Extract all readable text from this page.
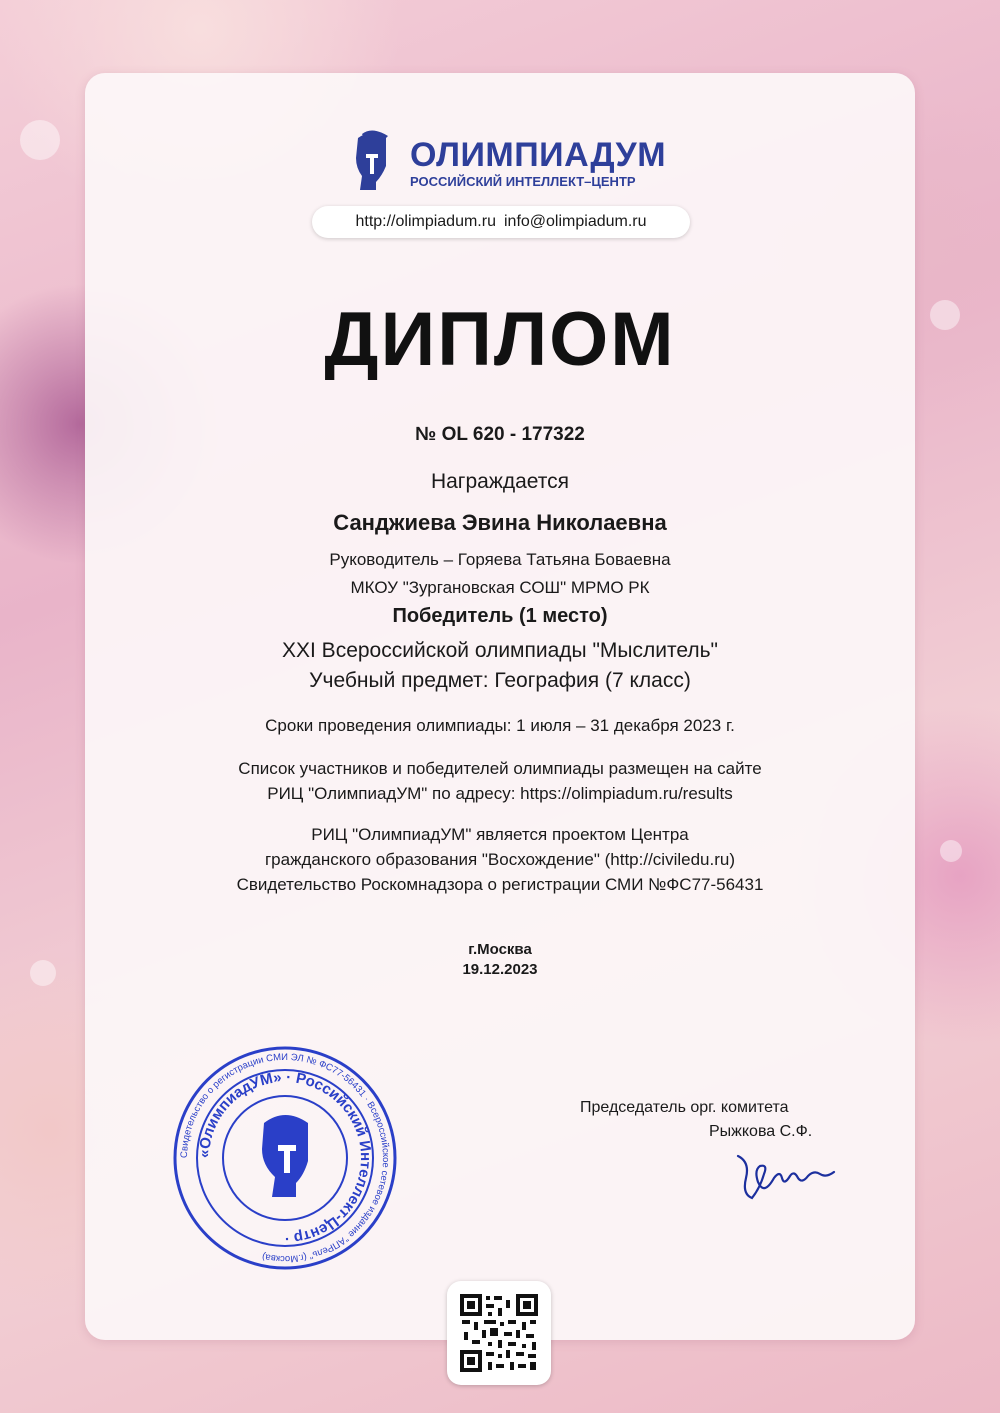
ОЛИМПИАДУМ
РОССИЙСКИЙ ИНТЕЛЛЕКТ–ЦЕНТР
http://olimpiadum.ru info@olimpiadum.ru
ДИПЛОМ
№ OL 620 - 177322
Награждается
Санджиева Эвина Николаевна
Руководитель – Горяева Татьяна Боваевна
МКОУ "Зургановская СОШ" МРМО РК
Победитель (1 место)
XXI Всероссийской олимпиады "Мыслитель"
Учебный предмет: География (7 класс)
Сроки проведения олимпиады: 1 июля – 31 декабря 2023 г.
Список участников и победителей олимпиады размещен на сайте
РИЦ "ОлимпиадУМ" по адресу: https://olimpiadum.ru/results
РИЦ "ОлимпиадУМ" является проектом Центра
гражданского образования "Восхождение" (http://civiledu.ru)
Свидетельство Роскомнадзора о регистрации СМИ №ФС77-56431
г.Москва
19.12.2023
Свидетельство о регистрации СМИ ЭЛ № ФС77-56431 · Всероссийское сетевое издание "АПРель" (г.Москва)
«ОлимпиадУМ» · Российский Интеллект-Центр ·
Председатель орг. комитета
Рыжкова С.Ф.
